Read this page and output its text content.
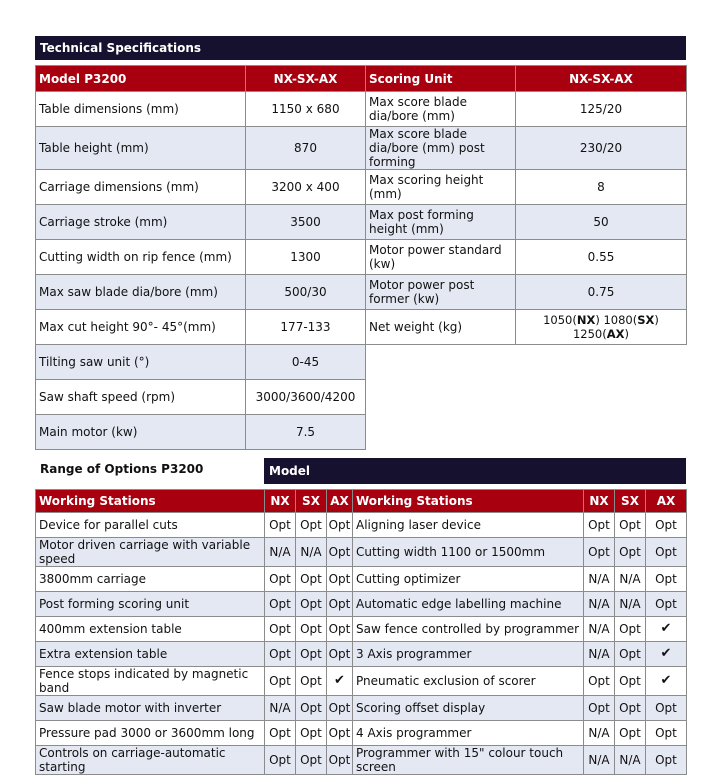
Technical Specifications
Model P3200	NX-SX-AX	Scoring Unit	NX-SX-AX
Table dimensions (mm)	1150 x 680	Max score blade dia/bore (mm)	125/20
Table height (mm)	870	Max score blade dia/bore (mm) post forming	230/20
Carriage dimensions (mm)	3200 x 400	Max scoring height (mm)	8
Carriage stroke (mm)	3500	Max post forming height (mm)	50
Cutting width on rip fence (mm)	1300	Motor power standard (kw)	0.55
Max saw blade dia/bore (mm)	500/30	Motor power post former (kw)	0.75
Max cut height 90°- 45°(mm)	177-133	Net weight (kg)	1050(NX) 1080(SX) 1250(AX)
Tilting saw unit (°)	0-45		
Saw shaft speed (rpm)	3000/3600/4200		
Main motor (kw)	7.5		
Range of Options P3200	Model
Working Stations	NX	SX	AX	Working Stations	NX	SX	AX
Device for parallel cuts	Opt	Opt	Opt	Aligning laser device	Opt	Opt	Opt
Motor driven carriage with variable speed	N/A	N/A	Opt	Cutting width 1100 or 1500mm	Opt	Opt	Opt
3800mm carriage	Opt	Opt	Opt	Cutting optimizer	N/A	N/A	Opt
Post forming scoring unit	Opt	Opt	Opt	Automatic edge labelling machine	N/A	N/A	Opt
400mm extension table	Opt	Opt	Opt	Saw fence controlled by programmer	N/A	Opt	✔
Extra extension table	Opt	Opt	Opt	3 Axis programmer	N/A	Opt	✔
Fence stops indicated by magnetic band	Opt	Opt	✔	Pneumatic exclusion of scorer	Opt	Opt	✔
Saw blade motor with inverter	N/A	Opt	Opt	Scoring offset display	Opt	Opt	Opt
Pressure pad 3000 or 3600mm long	Opt	Opt	Opt	4 Axis programmer	N/A	Opt	Opt
Controls on carriage-automatic starting	Opt	Opt	Opt	Programmer with 15" colour touch screen	N/A	N/A	Opt
